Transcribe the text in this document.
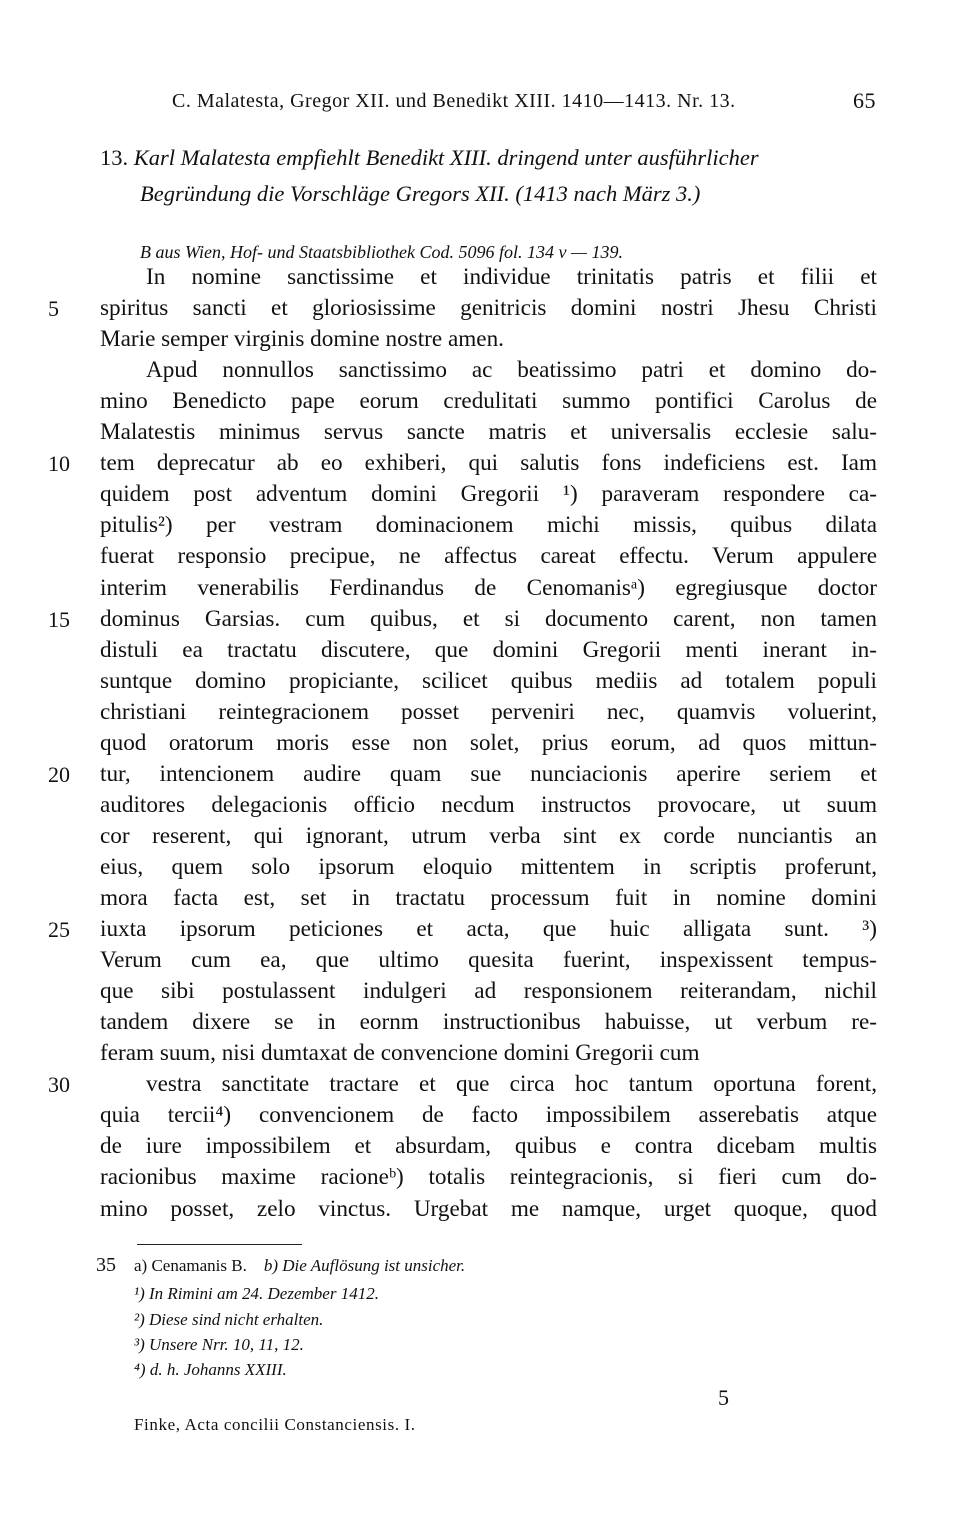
C. Malatesta, Gregor XII. und Benedikt XIII. 1410—1413. Nr. 13.	65
13. Karl Malatesta empfiehlt Benedikt XIII. dringend unter ausführlicher
Begründung die Vorschläge Gregors XII. (1413 nach März 3.)
B aus Wien, Hof- und Staatsbibliothek Cod. 5096 fol. 134 v — 139.
In nomine sanctissime et individue trinitatis patris et filii et
spiritus sancti et gloriosissime genitricis domini nostri Jhesu Christi
5
Marie semper virginis domine nostre amen.
Apud nonnullos sanctissimo ac beatissimo patri et domino do-
mino Benedicto pape eorum credulitati summo pontifici Carolus de
Malatestis minimus servus sancte matris et universalis ecclesie salu-
tem deprecatur ab eo exhiberi, qui salutis fons indeficiens est. Iam
10
quidem post adventum domini Gregorii ¹) paraveram respondere ca-
pitulis²) per vestram dominacionem michi missis, quibus dilata
fuerat responsio precipue, ne affectus careat effectu. Verum appulere
interim venerabilis Ferdinandus de Cenomanisᵃ) egregiusque doctor
dominus Garsias. cum quibus, et si documento carent, non tamen
15
distuli ea tractatu discutere, que domini Gregorii menti inerant in-
suntque domino propiciante, scilicet quibus mediis ad totalem populi
christiani reintegracionem posset perveniri nec, quamvis voluerint,
quod oratorum moris esse non solet, prius eorum, ad quos mittun-
tur, intencionem audire quam sue nunciacionis aperire seriem et
20
auditores delegacionis officio necdum instructos provocare, ut suum
cor reserent, qui ignorant, utrum verba sint ex corde nunciantis an
eius, quem solo ipsorum eloquio mittentem in scriptis proferunt,
mora facta est, set in tractatu processum fuit in nomine domini
iuxta ipsorum peticiones et acta, que huic alligata sunt. ³)
25
Verum cum ea, que ultimo quesita fuerint, inspexissent tempus-
que sibi postulassent indulgeri ad responsionem reiterandam, nichil
tandem dixere se in eornm instructionibus habuisse, ut verbum re-
feram suum, nisi dumtaxat de convencione domini Gregorii cum
vestra sanctitate tractare et que circa hoc tantum oportuna forent,
30
quia tercii⁴) convencionem de facto impossibilem asserebatis atque
de iure impossibilem et absurdam, quibus e contra dicebam multis
racionibus maxime racioneᵇ) totalis reintegracionis, si fieri cum do-
mino posset, zelo vinctus. Urgebat me namque, urget quoque, quod
35 a) Cenamanis B. b) Die Auflösung ist unsicher.
¹) In Rimini am 24. Dezember 1412.
²) Diese sind nicht erhalten.
³) Unsere Nrr. 10, 11, 12.
⁴) d. h. Johanns XXIII.
5
Finke, Acta concilii Constanciensis. I.
